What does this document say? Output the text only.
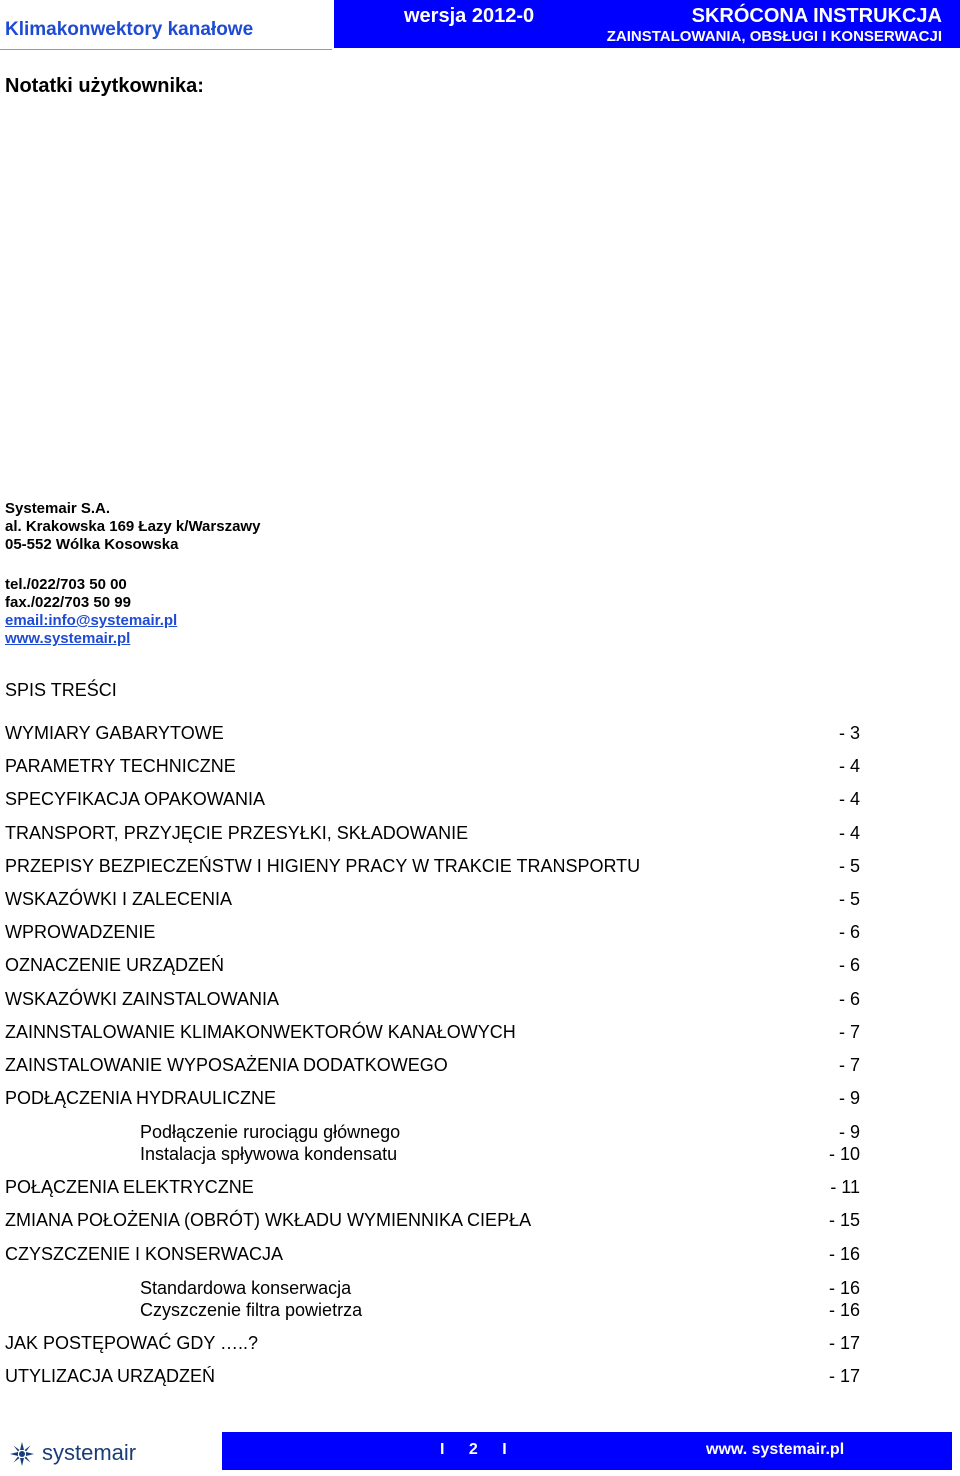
Klimakonwektory kanałowe
wersja 2012-0	SKRÓCONA INSTRUKCJA
ZAINSTALOWANIA, OBSŁUGI I KONSERWACJI
Notatki użytkownika:
Systemair S.A.
al. Krakowska 169 Łazy k/Warszawy
05-552 Wólka Kosowska
tel./022/703 50 00
fax./022/703 50 99
email:info@systemair.pl
www.systemair.pl
SPIS TREŚCI
WYMIARY GABARYTOWE	- 3
PARAMETRY TECHNICZNE	- 4
SPECYFIKACJA OPAKOWANIA	- 4
TRANSPORT, PRZYJĘCIE PRZESYŁKI, SKŁADOWANIE	- 4
PRZEPISY BEZPIECZEŃSTW I HIGIENY PRACY W TRAKCIE TRANSPORTU	- 5
WSKAZÓWKI I ZALECENIA	- 5
WPROWADZENIE	- 6
OZNACZENIE URZĄDZEŃ	- 6
WSKAZÓWKI ZAINSTALOWANIA	- 6
ZAINNSTALOWANIE KLIMAKONWEKTORÓW KANAŁOWYCH	- 7
ZAINSTALOWANIE WYPOSAŻENIA DODATKOWEGO	- 7
PODŁĄCZENIA HYDRAULICZNE	- 9
Podłączenie rurociągu głównego	- 9
Instalacja spływowa kondensatu	- 10
POŁĄCZENIA ELEKTRYCZNE	- 11
ZMIANA POŁOŻENIA (OBRÓT) WKŁADU WYMIENNIKA CIEPŁA	- 15
CZYSZCZENIE I KONSERWACJA	- 16
Standardowa konserwacja	- 16
Czyszczenie filtra powietrza	- 16
JAK POSTĘPOWAĆ GDY …..?	- 17
UTYLIZACJA URZĄDZEŃ	- 17
systemair	I 2 I	www. systemair.pl
